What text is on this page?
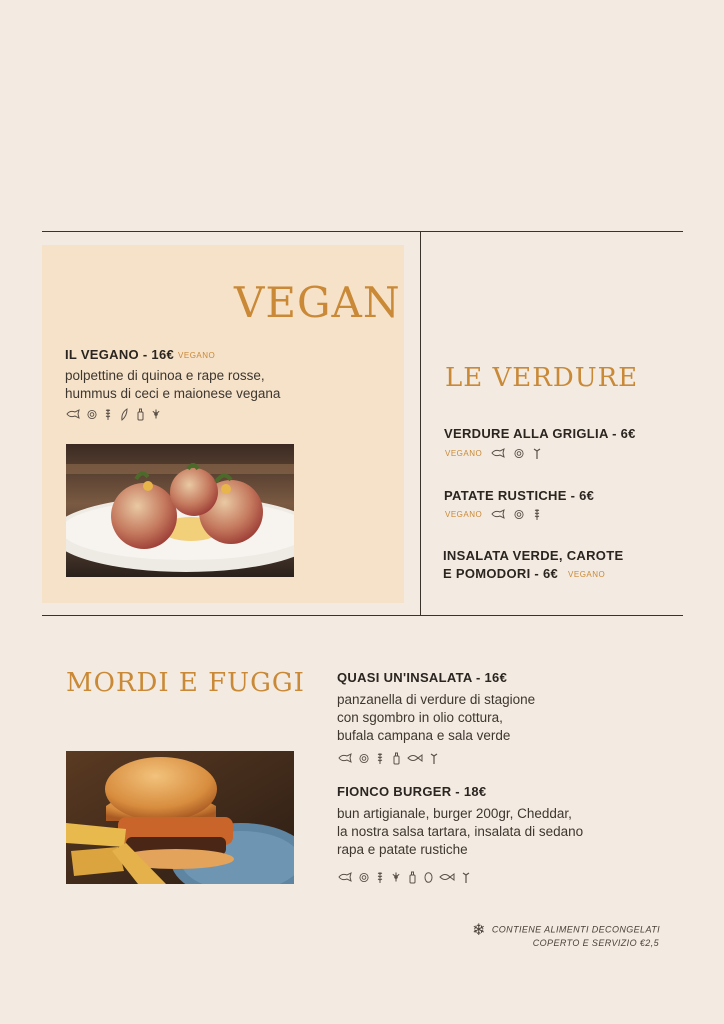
VEGAN
IL VEGANO - 16€ VEGANO
polpettine di quinoa e rape rosse,
hummus di ceci e maionese vegana
LE VERDURE
VERDURE ALLA GRIGLIA - 6€
VEGANO
PATATE RUSTICHE - 6€
VEGANO
INSALATA VERDE, CAROTE
E POMODORI - 6€ VEGANO
MORDI E FUGGI QUASI UN'INSALATA - 16€
panzanella di verdure di stagione
con sgombro in olio cottura,
bufala campana e sala verde
FIONCO BURGER - 18€
bun artigianale, burger 200gr, Cheddar,
la nostra salsa tartara, insalata di sedano
rapa e patate rustiche
❄ CONTIENE ALIMENTI DECONGELATI
COPERTO E SERVIZIO €2,5
